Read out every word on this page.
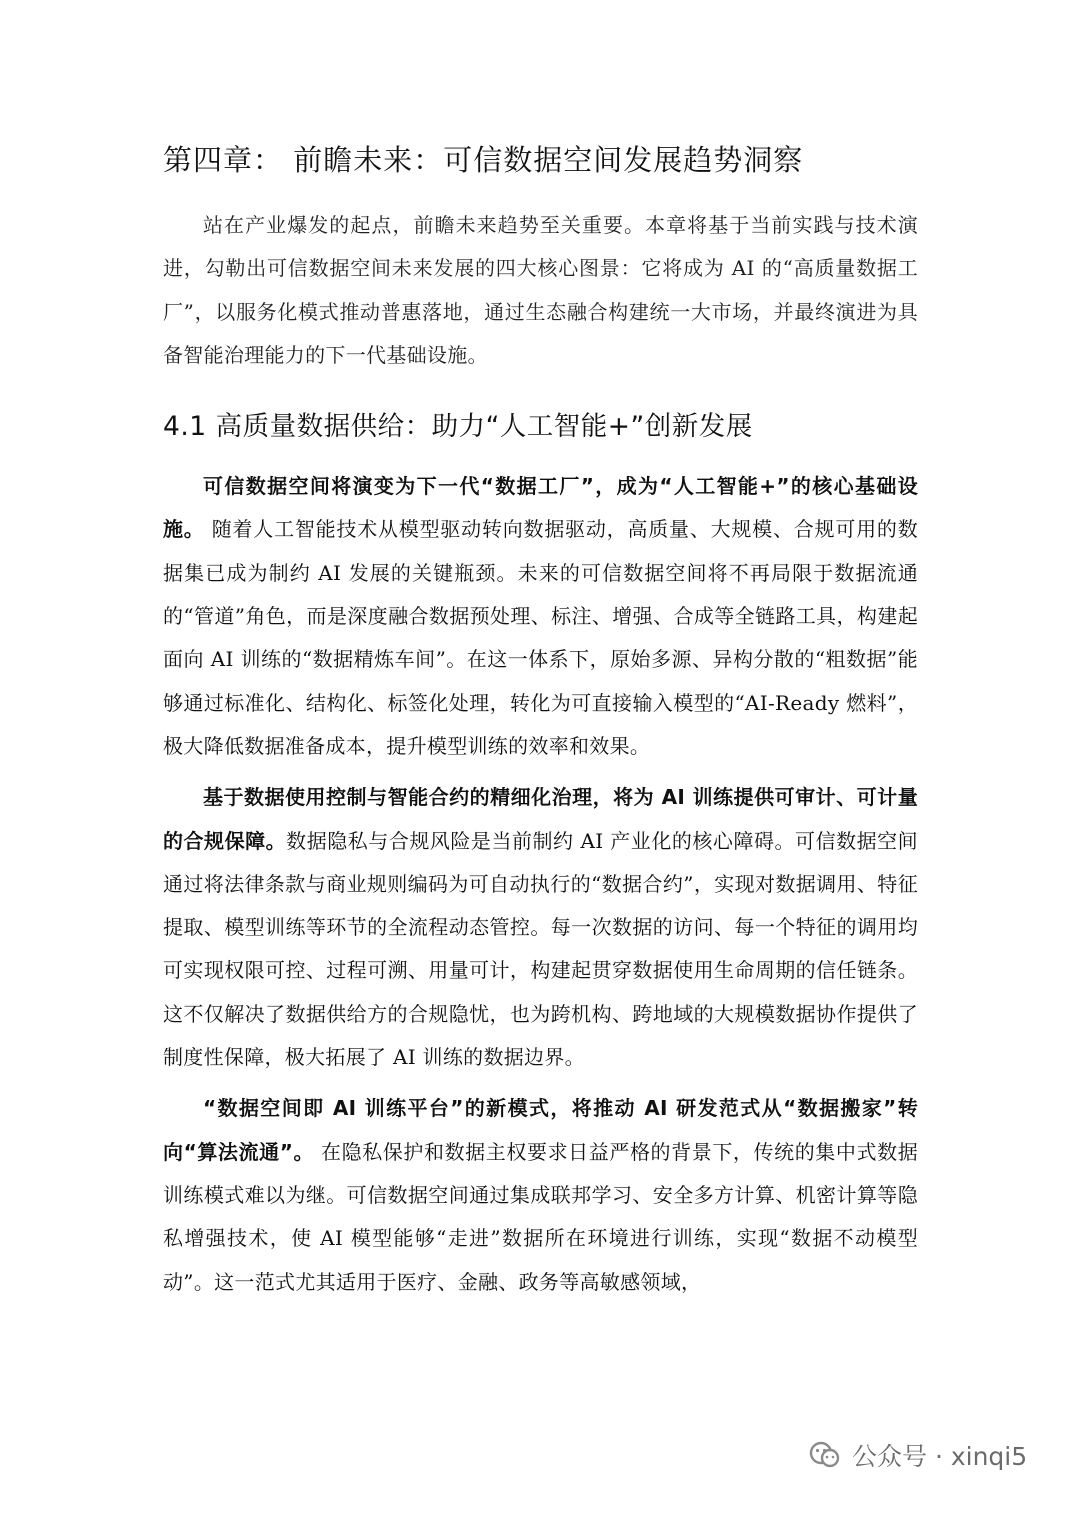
第四章： 前瞻未来：可信数据空间发展趋势洞察

站在产业爆发的起点，前瞻未来趋势至关重要。本章将基于当前实践与技术演进，勾勒出可信数据空间未来发展的四大核心图景：它将成为 AI 的“高质量数据工厂”，以服务化模式推动普惠落地，通过生态融合构建统一大市场，并最终演进为具备智能治理能力的下一代基础设施。

4.1 高质量数据供给：助力“人工智能+”创新发展

可信数据空间将演变为下一代“数据工厂”，成为“人工智能+”的核心基础设施。 随着人工智能技术从模型驱动转向数据驱动，高质量、大规模、合规可用的数据集已成为制约 AI 发展的关键瓶颈。未来的可信数据空间将不再局限于数据流通的“管道”角色，而是深度融合数据预处理、标注、增强、合成等全链路工具，构建起面向 AI 训练的“数据精炼车间”。在这一体系下，原始多源、异构分散的“粗数据”能够通过标准化、结构化、标签化处理，转化为可直接输入模型的“AI-Ready 燃料”，极大降低数据准备成本，提升模型训练的效率和效果。

基于数据使用控制与智能合约的精细化治理，将为 AI 训练提供可审计、可计量的合规保障。数据隐私与合规风险是当前制约 AI 产业化的核心障碍。可信数据空间通过将法律条款与商业规则编码为可自动执行的“数据合约”，实现对数据调用、特征提取、模型训练等环节的全流程动态管控。每一次数据的访问、每一个特征的调用均可实现权限可控、过程可溯、用量可计，构建起贯穿数据使用生命周期的信任链条。这不仅解决了数据供给方的合规隐忧，也为跨机构、跨地域的大规模数据协作提供了制度性保障，极大拓展了 AI 训练的数据边界。

“数据空间即 AI 训练平台”的新模式，将推动 AI 研发范式从“数据搬家”转向“算法流通”。 在隐私保护和数据主权要求日益严格的背景下，传统的集中式数据训练模式难以为继。可信数据空间通过集成联邦学习、安全多方计算、机密计算等隐私增强技术，使 AI 模型能够“走进”数据所在环境进行训练，实现“数据不动模型动”。这一范式尤其适用于医疗、金融、政务等高敏感领域，

公众号 · xinqi5
